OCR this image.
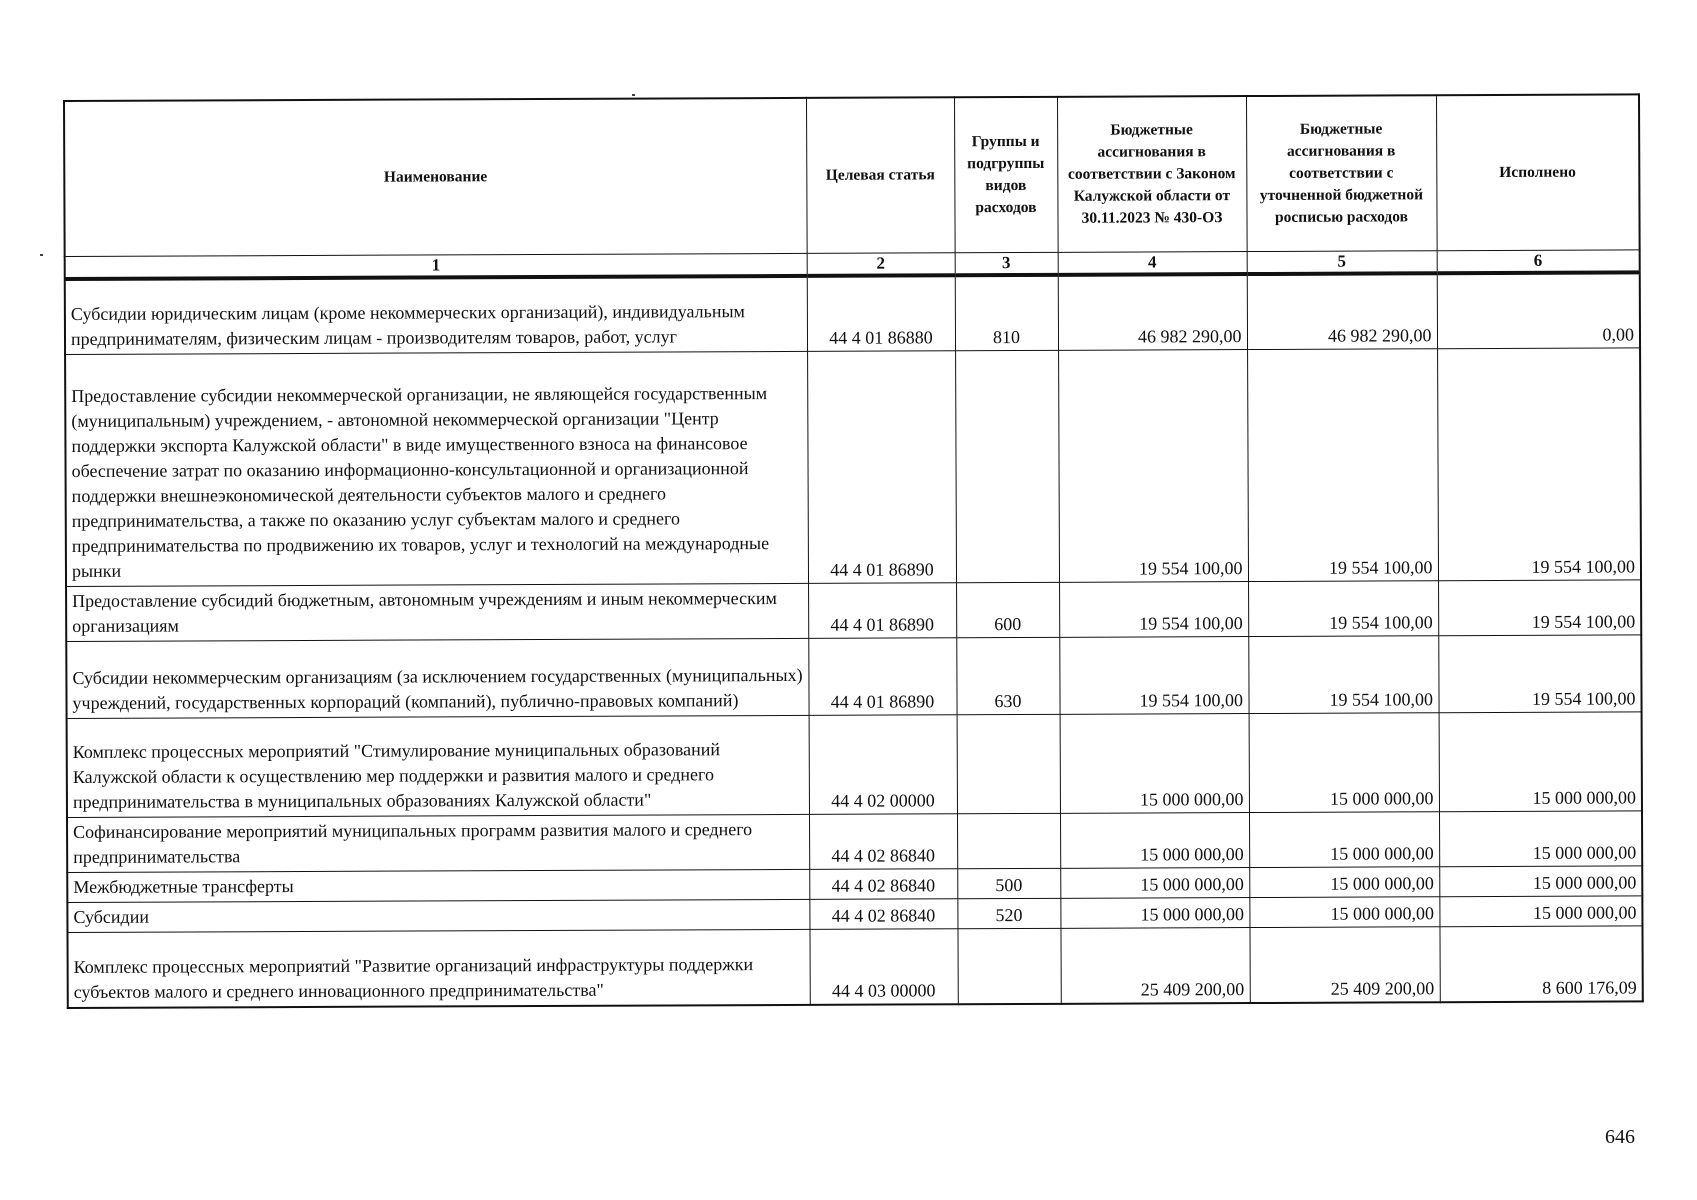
Наименование	Целевая статья	Группы и подгруппы видов расходов	Бюджетные ассигнования в соответствии с Законом Калужской области от 30.11.2023 № 430-ОЗ	Бюджетные ассигнования в соответствии с уточненной бюджетной росписью расходов	Исполнено
1	2	3	4	5	6
Субсидии юридическим лицам (кроме некоммерческих организаций), индивидуальным предпринимателям, физическим лицам - производителям товаров, работ, услуг	44 4 01 86880	810	46 982 290,00	46 982 290,00	0,00
Предоставление субсидии некоммерческой организации, не являющейся государственным (муниципальным) учреждением, - автономной некоммерческой организации "Центр поддержки экспорта Калужской области" в виде имущественного взноса на финансовое обеспечение затрат по оказанию информационно-консультационной и организационной поддержки внешнеэкономической деятельности субъектов малого и среднего предпринимательства, а также по оказанию услуг субъектам малого и среднего предпринимательства по продвижению их товаров, услуг и технологий на международные рынки	44 4 01 86890		19 554 100,00	19 554 100,00	19 554 100,00
Предоставление субсидий бюджетным, автономным учреждениям и иным некоммерческим организациям	44 4 01 86890	600	19 554 100,00	19 554 100,00	19 554 100,00
Субсидии некоммерческим организациям (за исключением государственных (муниципальных) учреждений, государственных корпораций (компаний), публично-правовых компаний)	44 4 01 86890	630	19 554 100,00	19 554 100,00	19 554 100,00
Комплекс процессных мероприятий "Стимулирование муниципальных образований Калужской области к осуществлению мер поддержки и развития малого и среднего предпринимательства в муниципальных образованиях Калужской области"	44 4 02 00000		15 000 000,00	15 000 000,00	15 000 000,00
Софинансирование мероприятий муниципальных программ развития малого и среднего предпринимательства	44 4 02 86840		15 000 000,00	15 000 000,00	15 000 000,00
Межбюджетные трансферты	44 4 02 86840	500	15 000 000,00	15 000 000,00	15 000 000,00
Субсидии	44 4 02 86840	520	15 000 000,00	15 000 000,00	15 000 000,00
Комплекс процессных мероприятий "Развитие организаций инфраструктуры поддержки субъектов малого и среднего инновационного предпринимательства"	44 4 03 00000		25 409 200,00	25 409 200,00	8 600 176,09
646
